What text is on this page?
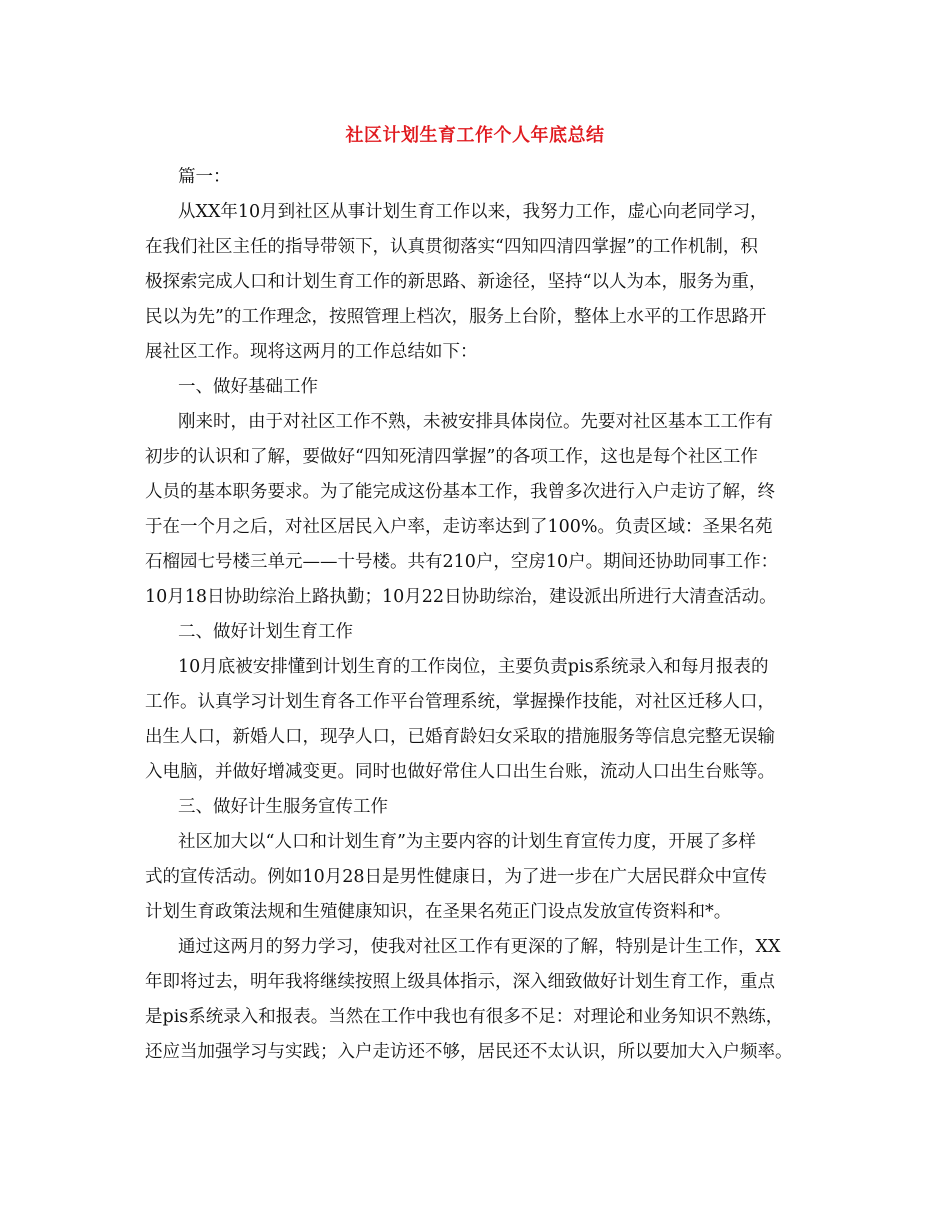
社区计划生育工作个人年底总结
篇一：
从XX年10月到社区从事计划生育工作以来，我努力工作，虚心向老同学习，
在我们社区主任的指导带领下，认真贯彻落实“四知四清四掌握”的工作机制，积
极探索完成人口和计划生育工作的新思路、新途径，坚持“以人为本，服务为重，
民以为先”的工作理念，按照管理上档次，服务上台阶，整体上水平的工作思路开
展社区工作。现将这两月的工作总结如下：
一、做好基础工作
刚来时，由于对社区工作不熟，未被安排具体岗位。先要对社区基本工工作有
初步的认识和了解，要做好“四知死清四掌握”的各项工作，这也是每个社区工作
人员的基本职务要求。为了能完成这份基本工作，我曾多次进行入户走访了解，终
于在一个月之后，对社区居民入户率，走访率达到了100%。负责区域：圣果名苑
石榴园七号楼三单元——十号楼。共有210户，空房10户。期间还协助同事工作：
10月18日协助综治上路执勤；10月22日协助综治，建设派出所进行大清查活动。
二、做好计划生育工作
10月底被安排懂到计划生育的工作岗位，主要负责pis系统录入和每月报表的
工作。认真学习计划生育各工作平台管理系统，掌握操作技能，对社区迁移人口，
出生人口，新婚人口，现孕人口，已婚育龄妇女采取的措施服务等信息完整无误输
入电脑，并做好增减变更。同时也做好常住人口出生台账，流动人口出生台账等。
三、做好计生服务宣传工作
社区加大以“人口和计划生育”为主要内容的计划生育宣传力度，开展了多样
式的宣传活动。例如10月28日是男性健康日，为了进一步在广大居民群众中宣传
计划生育政策法规和生殖健康知识，在圣果名苑正门设点发放宣传资料和*。
通过这两月的努力学习，使我对社区工作有更深的了解，特别是计生工作，XX
年即将过去，明年我将继续按照上级具体指示，深入细致做好计划生育工作，重点
是pis系统录入和报表。当然在工作中我也有很多不足：对理论和业务知识不熟练，
还应当加强学习与实践；入户走访还不够，居民还不太认识，所以要加大入户频率。
